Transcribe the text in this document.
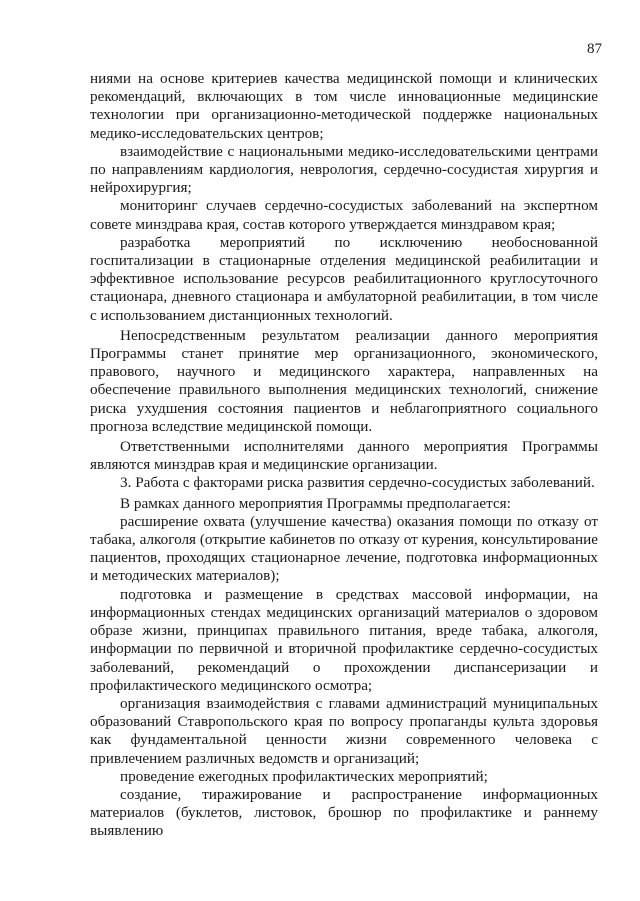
87

ниями на основе критериев качества медицинской помощи и клинических рекомендаций, включающих в том числе инновационные медицинские технологии при организационно-методической поддержке национальных медико-исследовательских центров;

взаимодействие с национальными медико-исследовательскими центрами по направлениям кардиология, неврология, сердечно-сосудистая хирургия и нейрохирургия;

мониторинг случаев сердечно-сосудистых заболеваний на экспертном совете минздрава края, состав которого утверждается минздравом края;

разработка мероприятий по исключению необоснованной госпитализации в стационарные отделения медицинской реабилитации и эффективное использование ресурсов реабилитационного круглосуточного стационара, дневного стационара и амбулаторной реабилитации, в том числе с использованием дистанционных технологий.

Непосредственным результатом реализации данного мероприятия Программы станет принятие мер организационного, экономического, правового, научного и медицинского характера, направленных на обеспечение правильного выполнения медицинских технологий, снижение риска ухудшения состояния пациентов и неблагоприятного социального прогноза вследствие медицинской помощи.

Ответственными исполнителями данного мероприятия Программы являются минздрав края и медицинские организации.

3. Работа с факторами риска развития сердечно-сосудистых заболеваний.

В рамках данного мероприятия Программы предполагается:

расширение охвата (улучшение качества) оказания помощи по отказу от табака, алкоголя (открытие кабинетов по отказу от курения, консультирование пациентов, проходящих стационарное лечение, подготовка информационных и методических материалов);

подготовка и размещение в средствах массовой информации, на информационных стендах медицинских организаций материалов о здоровом образе жизни, принципах правильного питания, вреде табака, алкоголя, информации по первичной и вторичной профилактике сердечно-сосудистых заболеваний, рекомендаций о прохождении диспансеризации и профилактического медицинского осмотра;

организация взаимодействия с главами администраций муниципальных образований Ставропольского края по вопросу пропаганды культа здоровья как фундаментальной ценности жизни современного человека с привлечением различных ведомств и организаций;

проведение ежегодных профилактических мероприятий;

создание, тиражирование и распространение информационных материалов (буклетов, листовок, брошюр по профилактике и раннему выявлению
